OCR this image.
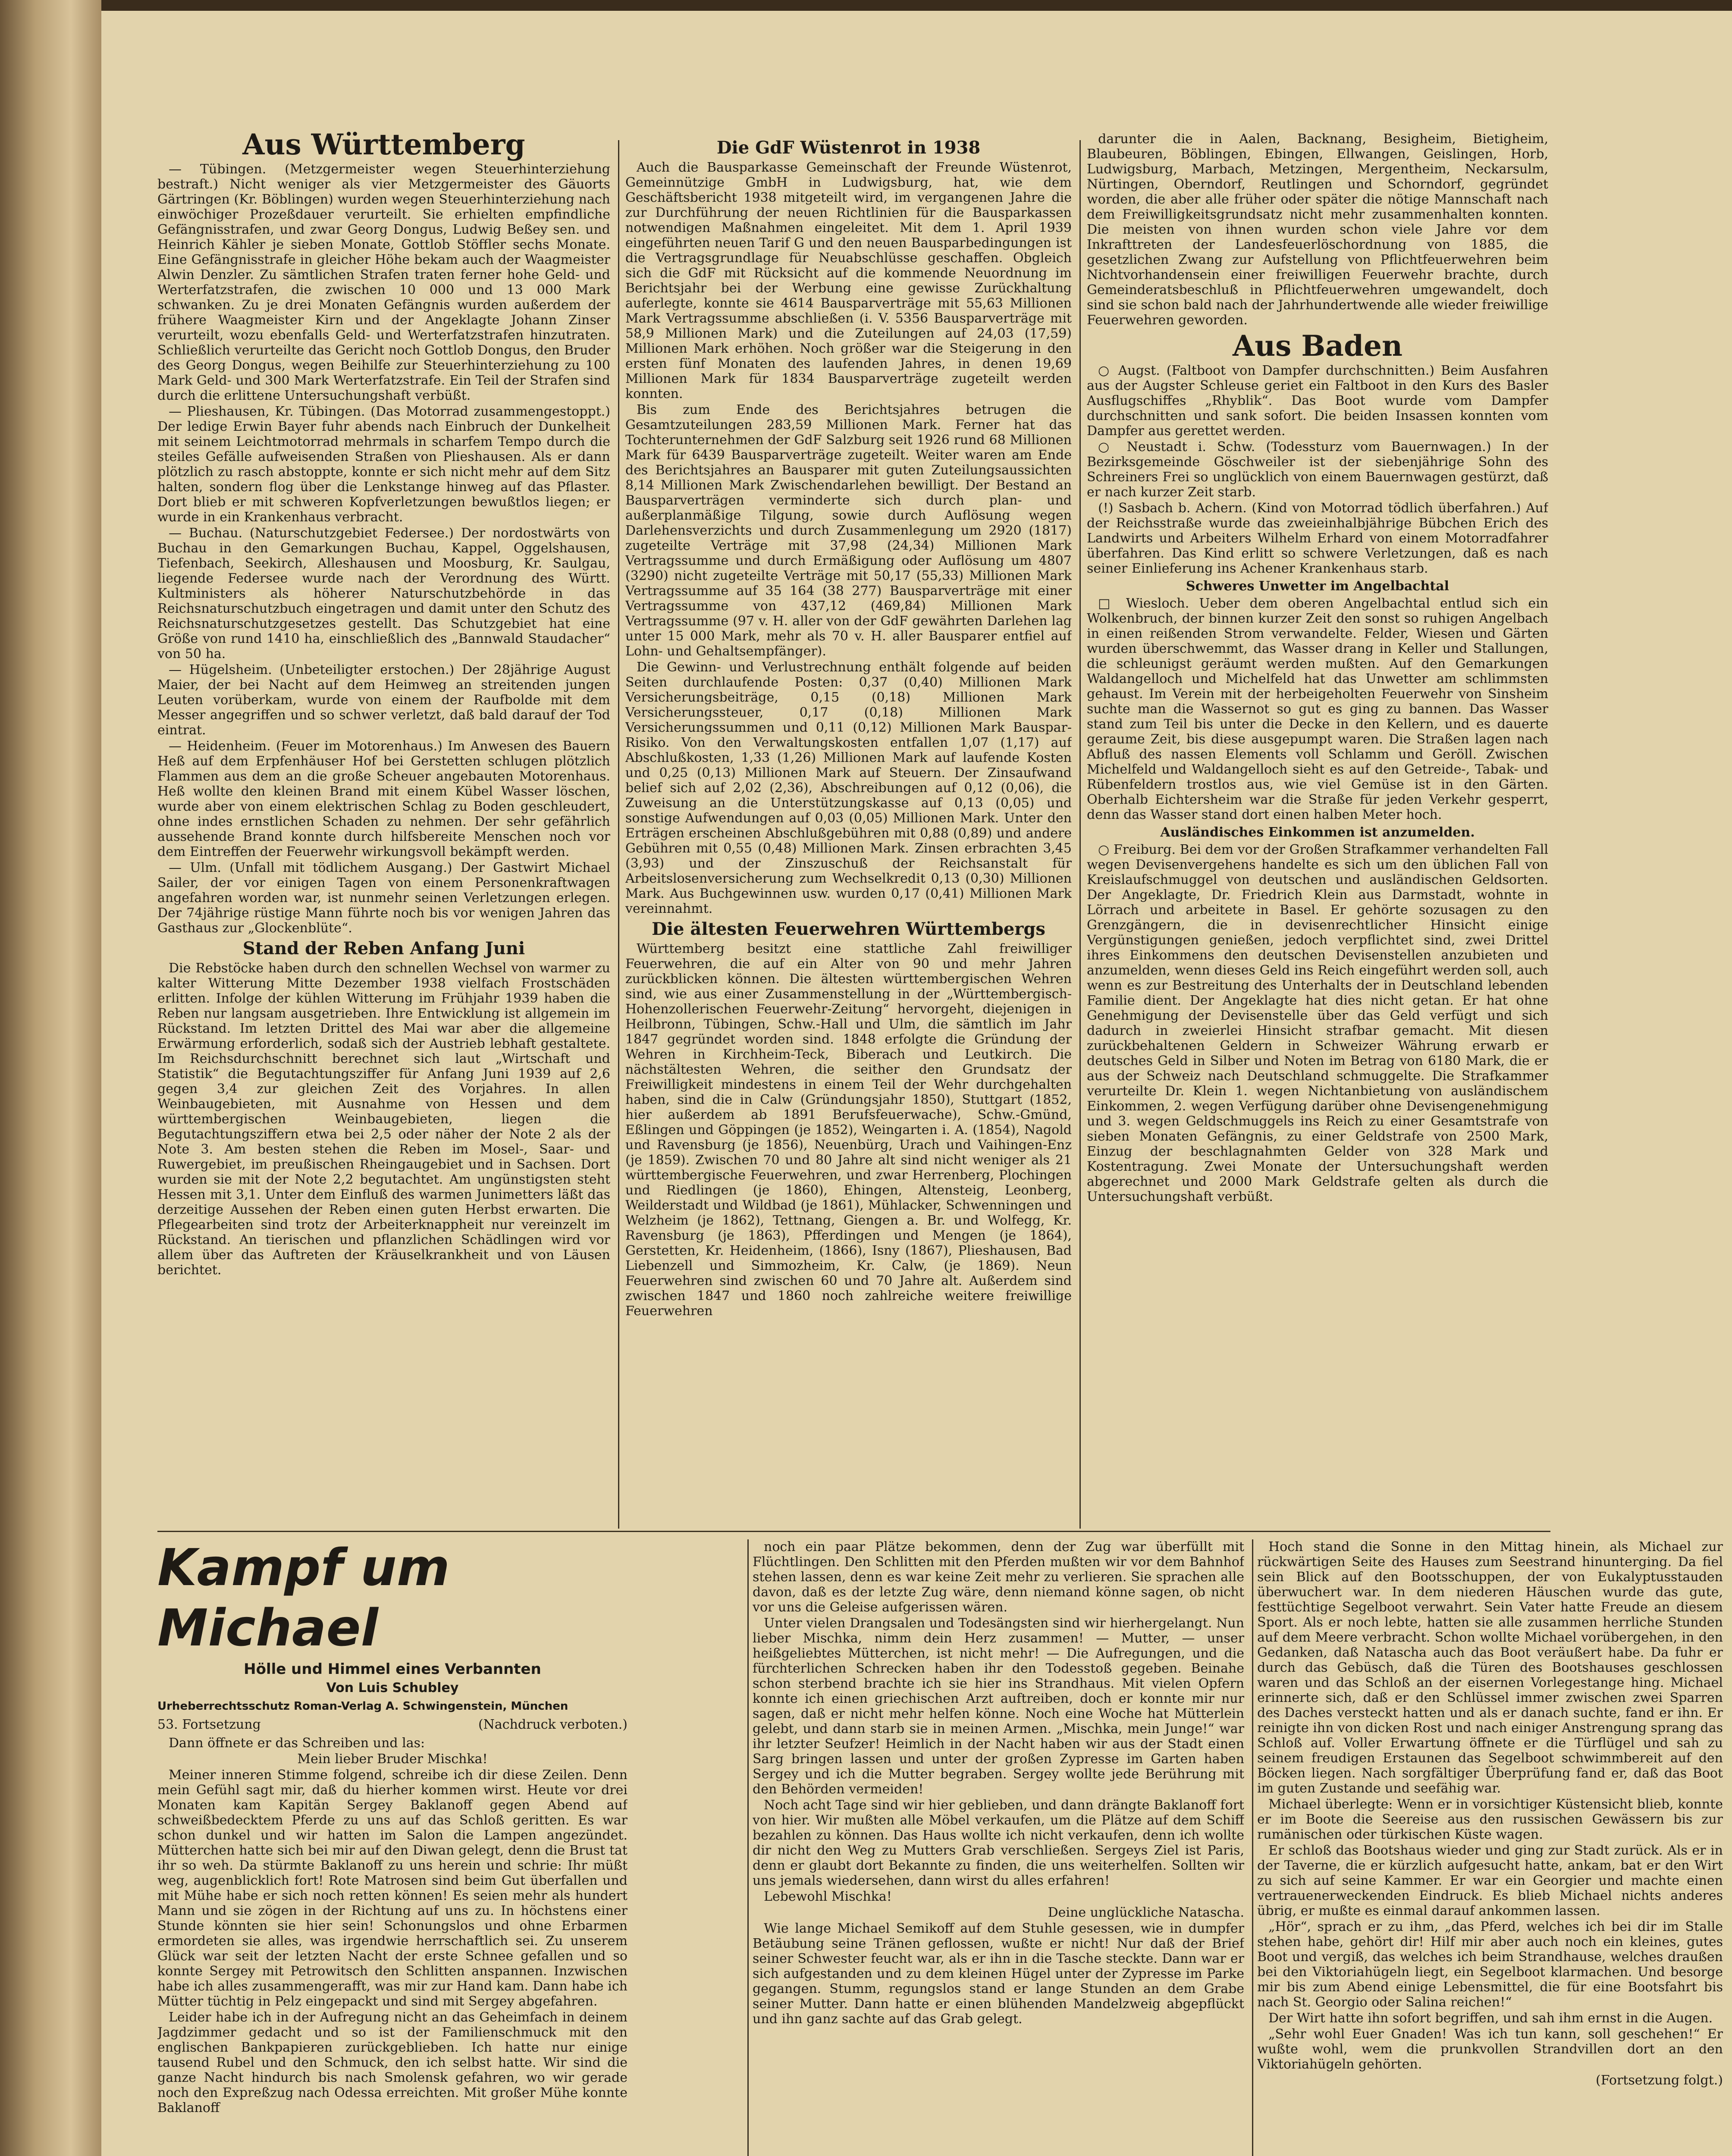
Aus Württemberg

— Tübingen. (Metzgermeister wegen Steuerhinterziehung bestraft.) Nicht weniger als vier Metzgermeister des Gäuorts Gärtringen (Kr. Böblingen) wurden wegen Steuerhinterziehung nach einwöchiger Prozeßdauer verurteilt. Sie erhielten empfindliche Gefängnisstrafen, und zwar Georg Dongus, Ludwig Beßey sen. und Heinrich Kähler je sieben Monate, Gottlob Stöffler sechs Monate. Eine Gefängnisstrafe in gleicher Höhe bekam auch der Waagmeister Alwin Denzler. Zu sämtlichen Strafen traten ferner hohe Geld- und Werterfatzstrafen, die zwischen 10 000 und 13 000 Mark schwanken. Zu je drei Monaten Gefängnis wurden außerdem der frühere Waagmeister Kirn und der Angeklagte Johann Zinser verurteilt, wozu ebenfalls Geld- und Werterfatzstrafen hinzutraten. Schließlich verurteilte das Gericht noch Gottlob Dongus, den Bruder des Georg Dongus, wegen Beihilfe zur Steuerhinterziehung zu 100 Mark Geld- und 300 Mark Werterfatzstrafe. Ein Teil der Strafen sind durch die erlittene Untersuchungshaft verbüßt.

— Plieshausen, Kr. Tübingen. (Das Motorrad zusammengestoppt.) Der ledige Erwin Bayer fuhr abends nach Einbruch der Dunkelheit mit seinem Leichtmotorrad mehrmals in scharfem Tempo durch die steiles Gefälle aufweisenden Straßen von Plieshausen. Als er dann plötzlich zu rasch abstoppte, konnte er sich nicht mehr auf dem Sitz halten, sondern flog über die Lenkstange hinweg auf das Pflaster. Dort blieb er mit schweren Kopfverletzungen bewußtlos liegen; er wurde in ein Krankenhaus verbracht.

— Buchau. (Naturschutzgebiet Federsee.) Der nordostwärts von Buchau in den Gemarkungen Buchau, Kappel, Oggelshausen, Tiefenbach, Seekirch, Alleshausen und Moosburg, Kr. Saulgau, liegende Federsee wurde nach der Verordnung des Württ. Kultministers als höherer Naturschutzbehörde in das Reichsnaturschutzbuch eingetragen und damit unter den Schutz des Reichsnaturschutzgesetzes gestellt. Das Schutzgebiet hat eine Größe von rund 1410 ha, einschließlich des „Bannwald Staudacher“ von 50 ha.

— Hügelsheim. (Unbeteiligter erstochen.) Der 28jährige August Maier, der bei Nacht auf dem Heimweg an streitenden jungen Leuten vorüberkam, wurde von einem der Raufbolde mit dem Messer angegriffen und so schwer verletzt, daß bald darauf der Tod eintrat.

— Heidenheim. (Feuer im Motorenhaus.) Im Anwesen des Bauern Heß auf dem Erpfenhäuser Hof bei Gerstetten schlugen plötzlich Flammen aus dem an die große Scheuer angebauten Motorenhaus. Heß wollte den kleinen Brand mit einem Kübel Wasser löschen, wurde aber von einem elektrischen Schlag zu Boden geschleudert, ohne indes ernstlichen Schaden zu nehmen. Der sehr gefährlich aussehende Brand konnte durch hilfsbereite Menschen noch vor dem Eintreffen der Feuerwehr wirkungsvoll bekämpft werden.

— Ulm. (Unfall mit tödlichem Ausgang.) Der Gastwirt Michael Sailer, der vor einigen Tagen von einem Personenkraftwagen angefahren worden war, ist nunmehr seinen Verletzungen erlegen. Der 74jährige rüstige Mann führte noch bis vor wenigen Jahren das Gasthaus zur „Glockenblüte“.

Stand der Reben Anfang Juni

Die Rebstöcke haben durch den schnellen Wechsel von warmer zu kalter Witterung Mitte Dezember 1938 vielfach Frostschäden erlitten. Infolge der kühlen Witterung im Frühjahr 1939 haben die Reben nur langsam ausgetrieben. Ihre Entwicklung ist allgemein im Rückstand. Im letzten Drittel des Mai war aber die allgemeine Erwärmung erforderlich, sodaß sich der Austrieb lebhaft gestaltete. Im Reichsdurchschnitt berechnet sich laut „Wirtschaft und Statistik“ die Begutachtungsziffer für Anfang Juni 1939 auf 2,6 gegen 3,4 zur gleichen Zeit des Vorjahres. In allen Weinbaugebieten, mit Ausnahme von Hessen und dem württembergischen Weinbaugebieten, liegen die Begutachtungsziffern etwa bei 2,5 oder näher der Note 2 als der Note 3. Am besten stehen die Reben im Mosel-, Saar- und Ruwergebiet, im preußischen Rheingaugebiet und in Sachsen. Dort wurden sie mit der Note 2,2 begutachtet. Am ungünstigsten steht Hessen mit 3,1. Unter dem Einfluß des warmen Junimetters läßt das derzeitige Aussehen der Reben einen guten Herbst erwarten. Die Pflegearbeiten sind trotz der Arbeiterknappheit nur vereinzelt im Rückstand. An tierischen und pflanzlichen Schädlingen wird vor allem über das Auftreten der Kräuselkrankheit und von Läusen berichtet.

Die GdF Wüstenrot in 1938

Auch die Bausparkasse Gemeinschaft der Freunde Wüstenrot, Gemeinnützige GmbH in Ludwigsburg, hat, wie dem Geschäftsbericht 1938 mitgeteilt wird, im vergangenen Jahre die zur Durchführung der neuen Richtlinien für die Bausparkassen notwendigen Maßnahmen eingeleitet. Mit dem 1. April 1939 eingeführten neuen Tarif G und den neuen Bausparbedingungen ist die Vertragsgrundlage für Neuabschlüsse geschaffen. Obgleich sich die GdF mit Rücksicht auf die kommende Neuordnung im Berichtsjahr bei der Werbung eine gewisse Zurückhaltung auferlegte, konnte sie 4614 Bausparverträge mit 55,63 Millionen Mark Vertragssumme abschließen (i. V. 5356 Bausparverträge mit 58,9 Millionen Mark) und die Zuteilungen auf 24,03 (17,59) Millionen Mark erhöhen. Noch größer war die Steigerung in den ersten fünf Monaten des laufenden Jahres, in denen 19,69 Millionen Mark für 1834 Bausparverträge zugeteilt werden konnten.

Bis zum Ende des Berichtsjahres betrugen die Gesamtzuteilungen 283,59 Millionen Mark. Ferner hat das Tochterunternehmen der GdF Salzburg seit 1926 rund 68 Millionen Mark für 6439 Bausparverträge zugeteilt. Weiter waren am Ende des Berichtsjahres an Bausparer mit guten Zuteilungsaussichten 8,14 Millionen Mark Zwischendarlehen bewilligt. Der Bestand an Bausparverträgen verminderte sich durch plan- und außerplanmäßige Tilgung, sowie durch Auflösung wegen Darlehensverzichts und durch Zusammenlegung um 2920 (1817) zugeteilte Verträge mit 37,98 (24,34) Millionen Mark Vertragssumme und durch Ermäßigung oder Auflösung um 4807 (3290) nicht zugeteilte Verträge mit 50,17 (55,33) Millionen Mark Vertragssumme auf 35 164 (38 277) Bausparverträge mit einer Vertragssumme von 437,12 (469,84) Millionen Mark Vertragssumme (97 v. H. aller von der GdF gewährten Darlehen lag unter 15 000 Mark, mehr als 70 v. H. aller Bausparer entfiel auf Lohn- und Gehaltsempfänger).

Die Gewinn- und Verlustrechnung enthält folgende auf beiden Seiten durchlaufende Posten: 0,37 (0,40) Millionen Mark Versicherungsbeiträge, 0,15 (0,18) Millionen Mark Versicherungssteuer, 0,17 (0,18) Millionen Mark Versicherungssummen und 0,11 (0,12) Millionen Mark Bauspar-Risiko. Von den Verwaltungskosten entfallen 1,07 (1,17) auf Abschlußkosten, 1,33 (1,26) Millionen Mark auf laufende Kosten und 0,25 (0,13) Millionen Mark auf Steuern. Der Zinsaufwand belief sich auf 2,02 (2,36), Abschreibungen auf 0,12 (0,06), die Zuweisung an die Unterstützungskasse auf 0,13 (0,05) und sonstige Aufwendungen auf 0,03 (0,05) Millionen Mark. Unter den Erträgen erscheinen Abschlußgebühren mit 0,88 (0,89) und andere Gebühren mit 0,55 (0,48) Millionen Mark. Zinsen erbrachten 3,45 (3,93) und der Zinszuschuß der Reichsanstalt für Arbeitslosenversicherung zum Wechselkredit 0,13 (0,30) Millionen Mark. Aus Buchgewinnen usw. wurden 0,17 (0,41) Millionen Mark vereinnahmt.

Die ältesten Feuerwehren Württembergs

Württemberg besitzt eine stattliche Zahl freiwilliger Feuerwehren, die auf ein Alter von 90 und mehr Jahren zurückblicken können. Die ältesten württembergischen Wehren sind, wie aus einer Zusammenstellung in der „Württembergisch-Hohenzollerischen Feuerwehr-Zeitung“ hervorgeht, diejenigen in Heilbronn, Tübingen, Schw.-Hall und Ulm, die sämtlich im Jahr 1847 gegründet worden sind. 1848 erfolgte die Gründung der Wehren in Kirchheim-Teck, Biberach und Leutkirch. Die nächstältesten Wehren, die seither den Grundsatz der Freiwilligkeit mindestens in einem Teil der Wehr durchgehalten haben, sind die in Calw (Gründungsjahr 1850), Stuttgart (1852, hier außerdem ab 1891 Berufsfeuerwache), Schw.-Gmünd, Eßlingen und Göppingen (je 1852), Weingarten i. A. (1854), Nagold und Ravensburg (je 1856), Neuenbürg, Urach und Vaihingen-Enz (je 1859). Zwischen 70 und 80 Jahre alt sind nicht weniger als 21 württembergische Feuerwehren, und zwar Herrenberg, Plochingen und Riedlingen (je 1860), Ehingen, Altensteig, Leonberg, Weilderstadt und Wildbad (je 1861), Mühlacker, Schwenningen und Welzheim (je 1862), Tettnang, Giengen a. Br. und Wolfegg, Kr. Ravensburg (je 1863), Pfferdingen und Mengen (je 1864), Gerstetten, Kr. Heidenheim, (1866), Isny (1867), Plieshausen, Bad Liebenzell und Simmozheim, Kr. Calw, (je 1869). Neun Feuerwehren sind zwischen 60 und 70 Jahre alt. Außerdem sind zwischen 1847 und 1860 noch zahlreiche weitere freiwillige Feuerwehren

darunter die in Aalen, Backnang, Besigheim, Bietigheim, Blaubeuren, Böblingen, Ebingen, Ellwangen, Geislingen, Horb, Ludwigsburg, Marbach, Metzingen, Mergentheim, Neckarsulm, Nürtingen, Oberndorf, Reutlingen und Schorndorf, gegründet worden, die aber alle früher oder später die nötige Mannschaft nach dem Freiwilligkeitsgrundsatz nicht mehr zusammenhalten konnten. Die meisten von ihnen wurden schon viele Jahre vor dem Inkrafttreten der Landesfeuerlöschordnung von 1885, die gesetzlichen Zwang zur Aufstellung von Pflichtfeuerwehren beim Nichtvorhandensein einer freiwilligen Feuerwehr brachte, durch Gemeinderatsbeschluß in Pflichtfeuerwehren umgewandelt, doch sind sie schon bald nach der Jahrhundertwende alle wieder freiwillige Feuerwehren geworden.

Aus Baden

○ Augst. (Faltboot von Dampfer durchschnitten.) Beim Ausfahren aus der Augster Schleuse geriet ein Faltboot in den Kurs des Basler Ausflugschiffes „Rhyblik“. Das Boot wurde vom Dampfer durchschnitten und sank sofort. Die beiden Insassen konnten vom Dampfer aus gerettet werden.

○ Neustadt i. Schw. (Todessturz vom Bauernwagen.) In der Bezirksgemeinde Göschweiler ist der siebenjährige Sohn des Schreiners Frei so unglücklich von einem Bauernwagen gestürzt, daß er nach kurzer Zeit starb.

(!) Sasbach b. Achern. (Kind von Motorrad tödlich überfahren.) Auf der Reichsstraße wurde das zweieinhalbjährige Bübchen Erich des Landwirts und Arbeiters Wilhelm Erhard von einem Motorradfahrer überfahren. Das Kind erlitt so schwere Verletzungen, daß es nach seiner Einlieferung ins Achener Krankenhaus starb.

Schweres Unwetter im Angelbachtal

□ Wiesloch. Ueber dem oberen Angelbachtal entlud sich ein Wolkenbruch, der binnen kurzer Zeit den sonst so ruhigen Angelbach in einen reißenden Strom verwandelte. Felder, Wiesen und Gärten wurden überschwemmt, das Wasser drang in Keller und Stallungen, die schleunigst geräumt werden mußten. Auf den Gemarkungen Waldangelloch und Michelfeld hat das Unwetter am schlimmsten gehaust. Im Verein mit der herbeigeholten Feuerwehr von Sinsheim suchte man die Wassernot so gut es ging zu bannen. Das Wasser stand zum Teil bis unter die Decke in den Kellern, und es dauerte geraume Zeit, bis diese ausgepumpt waren. Die Straßen lagen nach Abfluß des nassen Elements voll Schlamm und Geröll. Zwischen Michelfeld und Waldangelloch sieht es auf den Getreide-, Tabak- und Rübenfeldern trostlos aus, wie viel Gemüse ist in den Gärten. Oberhalb Eichtersheim war die Straße für jeden Verkehr gesperrt, denn das Wasser stand dort einen halben Meter hoch.

Ausländisches Einkommen ist anzumelden.

○ Freiburg. Bei dem vor der Großen Strafkammer verhandelten Fall wegen Devisenvergehens handelte es sich um den üblichen Fall von Kreislaufschmuggel von deutschen und ausländischen Geldsorten. Der Angeklagte, Dr. Friedrich Klein aus Darmstadt, wohnte in Lörrach und arbeitete in Basel. Er gehörte sozusagen zu den Grenzgängern, die in devisenrechtlicher Hinsicht einige Vergünstigungen genießen, jedoch verpflichtet sind, zwei Drittel ihres Einkommens den deutschen Devisenstellen anzubieten und anzumelden, wenn dieses Geld ins Reich eingeführt werden soll, auch wenn es zur Bestreitung des Unterhalts der in Deutschland lebenden Familie dient. Der Angeklagte hat dies nicht getan. Er hat ohne Genehmigung der Devisenstelle über das Geld verfügt und sich dadurch in zweierlei Hinsicht strafbar gemacht. Mit diesen zurückbehaltenen Geldern in Schweizer Währung erwarb er deutsches Geld in Silber und Noten im Betrag von 6180 Mark, die er aus der Schweiz nach Deutschland schmuggelte. Die Strafkammer verurteilte Dr. Klein 1. wegen Nichtanbietung von ausländischem Einkommen, 2. wegen Verfügung darüber ohne Devisengenehmigung und 3. wegen Geldschmuggels ins Reich zu einer Gesamtstrafe von sieben Monaten Gefängnis, zu einer Geldstrafe von 2500 Mark, Einzug der beschlagnahmten Gelder von 328 Mark und Kostentragung. Zwei Monate der Untersuchungshaft werden abgerechnet und 2000 Mark Geldstrafe gelten als durch die Untersuchungshaft verbüßt.

Kampf um Michael
Hölle und Himmel eines Verbannten
Von Luis Schubley
Urheberrechtsschutz Roman-Verlag A. Schwingenstein, München
53. Fortsetzung	(Nachdruck verboten.)

Dann öffnete er das Schreiben und las:

Mein lieber Bruder Mischka!

Meiner inneren Stimme folgend, schreibe ich dir diese Zeilen. Denn mein Gefühl sagt mir, daß du hierher kommen wirst. Heute vor drei Monaten kam Kapitän Sergey Baklanoff gegen Abend auf schweißbedecktem Pferde zu uns auf das Schloß geritten. Es war schon dunkel und wir hatten im Salon die Lampen angezündet. Mütterchen hatte sich bei mir auf den Diwan gelegt, denn die Brust tat ihr so weh. Da stürmte Baklanoff zu uns herein und schrie: Ihr müßt weg, augenblicklich fort! Rote Matrosen sind beim Gut überfallen und mit Mühe habe er sich noch retten können! Es seien mehr als hundert Mann und sie zögen in der Richtung auf uns zu. In höchstens einer Stunde könnten sie hier sein! Schonungslos und ohne Erbarmen ermordeten sie alles, was irgendwie herrschaftlich sei. Zu unserem Glück war seit der letzten Nacht der erste Schnee gefallen und so konnte Sergey mit Petrowitsch den Schlitten anspannen. Inzwischen habe ich alles zusammengerafft, was mir zur Hand kam. Dann habe ich Mütter tüchtig in Pelz eingepackt und sind mit Sergey abgefahren.

Leider habe ich in der Aufregung nicht an das Geheimfach in deinem Jagdzimmer gedacht und so ist der Familienschmuck mit den englischen Bankpapieren zurückgeblieben. Ich hatte nur einige tausend Rubel und den Schmuck, den ich selbst hatte. Wir sind die ganze Nacht hindurch bis nach Smolensk gefahren, wo wir gerade noch den Expreßzug nach Odessa erreichten. Mit großer Mühe konnte Baklanoff

noch ein paar Plätze bekommen, denn der Zug war überfüllt mit Flüchtlingen. Den Schlitten mit den Pferden mußten wir vor dem Bahnhof stehen lassen, denn es war keine Zeit mehr zu verlieren. Sie sprachen alle davon, daß es der letzte Zug wäre, denn niemand könne sagen, ob nicht vor uns die Geleise aufgerissen wären.

Unter vielen Drangsalen und Todesängsten sind wir hierhergelangt. Nun lieber Mischka, nimm dein Herz zusammen! — Mutter, — unser heißgeliebtes Mütterchen, ist nicht mehr! — Die Aufregungen, und die fürchterlichen Schrecken haben ihr den Todesstoß gegeben. Beinahe schon sterbend brachte ich sie hier ins Strandhaus. Mit vielen Opfern konnte ich einen griechischen Arzt auftreiben, doch er konnte mir nur sagen, daß er nicht mehr helfen könne. Noch eine Woche hat Mütterlein gelebt, und dann starb sie in meinen Armen. „Mischka, mein Junge!“ war ihr letzter Seufzer! Heimlich in der Nacht haben wir aus der Stadt einen Sarg bringen lassen und unter der großen Zypresse im Garten haben Sergey und ich die Mutter begraben. Sergey wollte jede Berührung mit den Behörden vermeiden!

Noch acht Tage sind wir hier geblieben, und dann drängte Baklanoff fort von hier. Wir mußten alle Möbel verkaufen, um die Plätze auf dem Schiff bezahlen zu können. Das Haus wollte ich nicht verkaufen, denn ich wollte dir nicht den Weg zu Mutters Grab verschließen. Sergeys Ziel ist Paris, denn er glaubt dort Bekannte zu finden, die uns weiterhelfen. Sollten wir uns jemals wiedersehen, dann wirst du alles erfahren!

Lebewohl Mischka!

Deine unglückliche Natascha.

Wie lange Michael Semikoff auf dem Stuhle gesessen, wie in dumpfer Betäubung seine Tränen geflossen, wußte er nicht! Nur daß der Brief seiner Schwester feucht war, als er ihn in die Tasche steckte. Dann war er sich aufgestanden und zu dem kleinen Hügel unter der Zypresse im Parke gegangen. Stumm, regungslos stand er lange Stunden an dem Grabe seiner Mutter. Dann hatte er einen blühenden Mandelzweig abgepflückt und ihn ganz sachte auf das Grab gelegt.

Hoch stand die Sonne in den Mittag hinein, als Michael zur rückwärtigen Seite des Hauses zum Seestrand hinunterging. Da fiel sein Blick auf den Bootsschuppen, der von Eukalyptusstauden überwuchert war. In dem niederen Häuschen wurde das gute, festtüchtige Segelboot verwahrt. Sein Vater hatte Freude an diesem Sport. Als er noch lebte, hatten sie alle zusammen herrliche Stunden auf dem Meere verbracht. Schon wollte Michael vorübergehen, in den Gedanken, daß Natascha auch das Boot veräußert habe. Da fuhr er durch das Gebüsch, daß die Türen des Bootshauses geschlossen waren und das Schloß an der eisernen Vorlegestange hing. Michael erinnerte sich, daß er den Schlüssel immer zwischen zwei Sparren des Daches versteckt hatten und als er danach suchte, fand er ihn. Er reinigte ihn von dicken Rost und nach einiger Anstrengung sprang das Schloß auf. Voller Erwartung öffnete er die Türflügel und sah zu seinem freudigen Erstaunen das Segelboot schwimmbereit auf den Böcken liegen. Nach sorgfältiger Überprüfung fand er, daß das Boot im guten Zustande und seefähig war.

Michael überlegte: Wenn er in vorsichtiger Küstensicht blieb, konnte er im Boote die Seereise aus den russischen Gewässern bis zur rumänischen oder türkischen Küste wagen.

Er schloß das Bootshaus wieder und ging zur Stadt zurück. Als er in der Taverne, die er kürzlich aufgesucht hatte, ankam, bat er den Wirt zu sich auf seine Kammer. Er war ein Georgier und machte einen vertrauenerweckenden Eindruck. Es blieb Michael nichts anderes übrig, er mußte es einmal darauf ankommen lassen.

„Hör“, sprach er zu ihm, „das Pferd, welches ich bei dir im Stalle stehen habe, gehört dir! Hilf mir aber auch noch ein kleines, gutes Boot und vergiß, das welches ich beim Strandhause, welches draußen bei den Viktoriahügeln liegt, ein Segelboot klarmachen. Und besorge mir bis zum Abend einige Lebensmittel, die für eine Bootsfahrt bis nach St. Georgio oder Salina reichen!“

Der Wirt hatte ihn sofort begriffen, und sah ihm ernst in die Augen.

„Sehr wohl Euer Gnaden! Was ich tun kann, soll geschehen!“ Er wußte wohl, wem die prunkvollen Strandvillen dort an den Viktoriahügeln gehörten.

(Fortsetzung folgt.)
